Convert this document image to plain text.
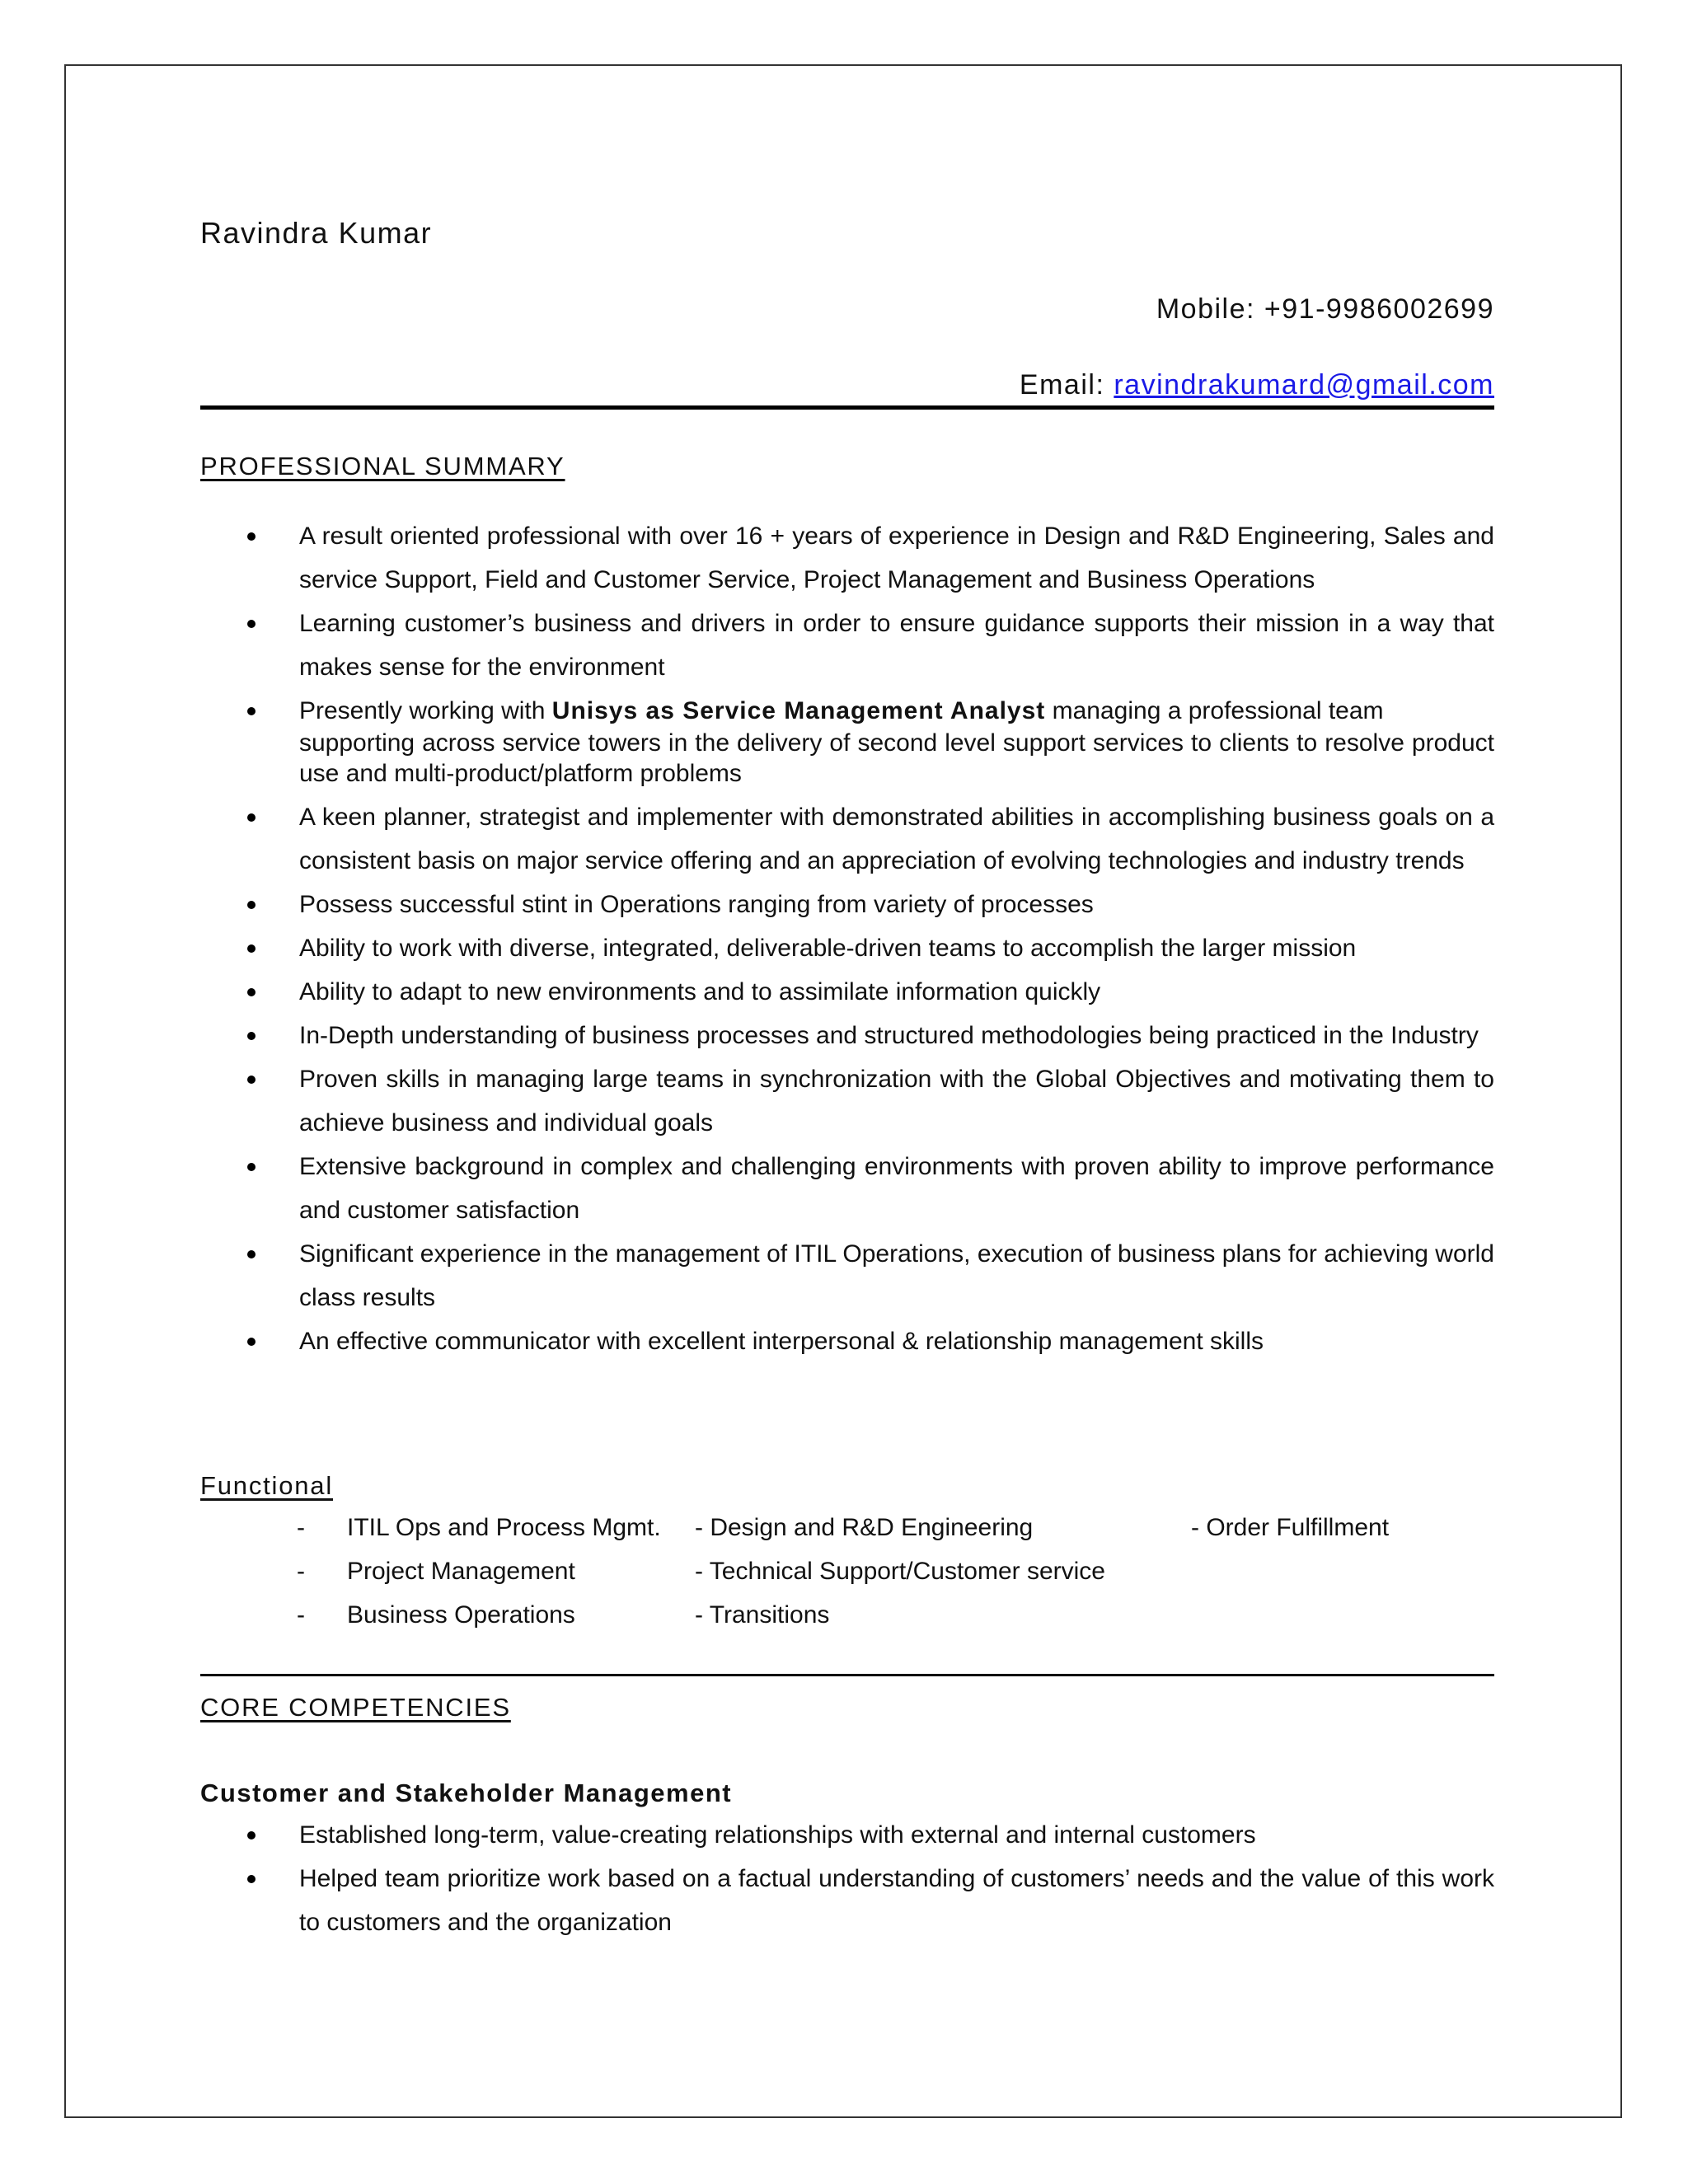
Ravindra Kumar
Mobile: +91-9986002699
Email: ravindrakumard@gmail.com
PROFESSIONAL SUMMARY
A result oriented professional with over 16 + years of experience in Design and R&D Engineering, Sales and service Support, Field and Customer Service, Project Management and Business Operations
Learning customer’s business and drivers in order to ensure guidance supports their mission in a way that makes sense for the environment
Presently working with Unisys as Service Management Analyst managing a professional team
supporting across service towers in the delivery of second level support services to clients to resolve product use and multi-product/platform problems
A keen planner, strategist and implementer with demonstrated abilities in accomplishing business goals on a consistent basis on major service offering and an appreciation of evolving technologies and industry trends
Possess successful stint in Operations ranging from variety of processes
Ability to work with diverse, integrated, deliverable-driven teams to accomplish the larger mission
Ability to adapt to new environments and to assimilate information quickly
In-Depth understanding of business processes and structured methodologies being practiced in the Industry
Proven skills in managing large teams in synchronization with the Global Objectives and motivating them to achieve business and individual goals
Extensive background in complex and challenging environments with proven ability to improve performance and customer satisfaction
Significant experience in the management of ITIL Operations, execution of business plans for achieving world class results
An effective communicator with excellent interpersonal & relationship management skills
Functional
- ITIL Ops and Process Mgmt. - Design and R&D Engineering	- Order Fulfillment
- Project Management	- Technical Support/Customer service
- Business Operations	- Transitions
CORE COMPETENCIES
Customer and Stakeholder Management
Established long-term, value-creating relationships with external and internal customers
Helped team prioritize work based on a factual understanding of customers’ needs and the value of this work to customers and the organization
